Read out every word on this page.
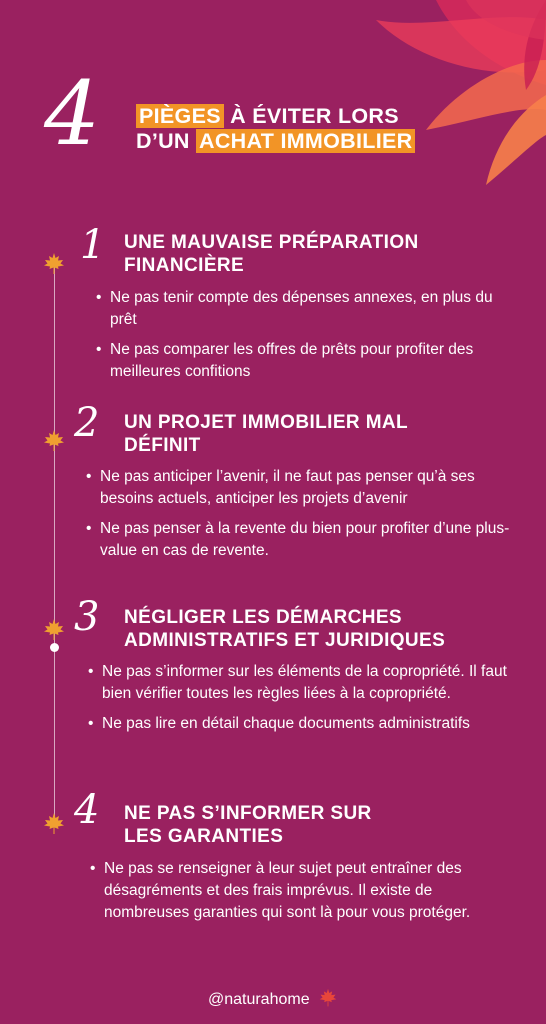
4 PIÈGES À ÉVITER LORS
D’UN ACHAT IMMOBILIER
1 UNE MAUVAISE PRÉPARATION
FINANCIÈRE
• Ne pas tenir compte des dépenses annexes, en plus du prêt
• Ne pas comparer les offres de prêts pour profiter des meilleures confitions
2 UN PROJET IMMOBILIER MAL
DÉFINIT
• Ne pas anticiper l’avenir, il ne faut pas penser qu’à ses besoins actuels, anticiper les projets d’avenir
• Ne pas penser à la revente du bien pour profiter d’une plus-value en cas de revente.
3 NÉGLIGER LES DÉMARCHES
ADMINISTRATIFS ET JURIDIQUES
• Ne pas s’informer sur les éléments de la copropriété. Il faut bien vérifier toutes les règles liées à la copropriété.
• Ne pas lire en détail chaque documents administratifs
4 NE PAS S’INFORMER SUR
LES GARANTIES
• Ne pas se renseigner à leur sujet peut entraîner des désagréments et des frais imprévus. Il existe de nombreuses garanties qui sont là pour vous protéger.
@naturahome
